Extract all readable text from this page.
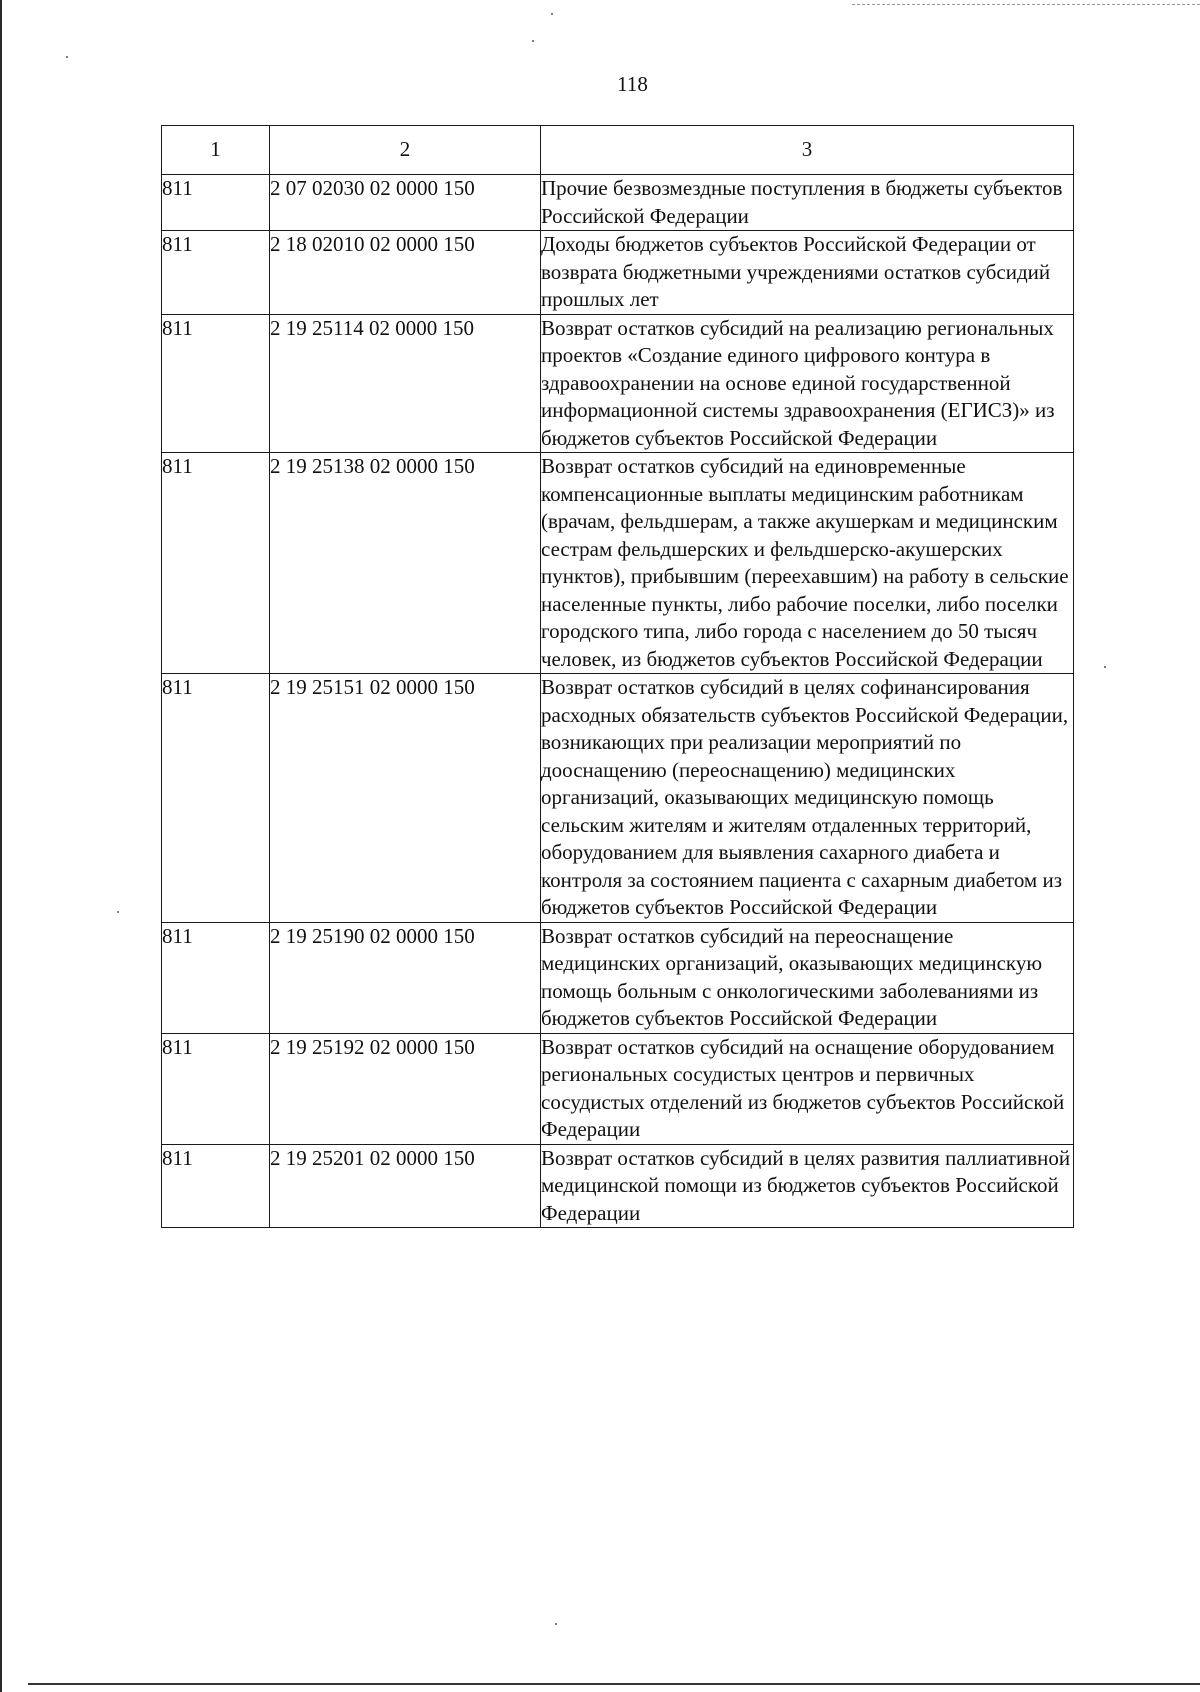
118
1	2	3
811	2 07 02030 02 0000 150	Прочие безвозмездные поступления в бюджеты субъектов Российской Федерации
811	2 18 02010 02 0000 150	Доходы бюджетов субъектов Российской Федерации от возврата бюджетными учреждениями остатков субсидий прошлых лет
811	2 19 25114 02 0000 150	Возврат остатков субсидий на реализацию региональных проектов «Создание единого цифрового контура в здравоохранении на основе единой государственной информационной системы здравоохранения (ЕГИСЗ)» из бюджетов субъектов Российской Федерации
811	2 19 25138 02 0000 150	Возврат остатков субсидий на единовременные компенсационные выплаты медицинским работникам (врачам, фельдшерам, а также акушеркам и медицинским сестрам фельдшерских и фельдшерско-акушерских пунктов), прибывшим (переехавшим) на работу в сельские населенные пункты, либо рабочие поселки, либо поселки городского типа, либо города с населением до 50 тысяч человек, из бюджетов субъектов Российской Федерации
811	2 19 25151 02 0000 150	Возврат остатков субсидий в целях софинансирования расходных обязательств субъектов Российской Федерации, возникающих при реализации мероприятий по дооснащению (переоснащению) медицинских организаций, оказывающих медицинскую помощь сельским жителям и жителям отдаленных территорий, оборудованием для выявления сахарного диабета и контроля за состоянием пациента с сахарным диабетом из бюджетов субъектов Российской Федерации
811	2 19 25190 02 0000 150	Возврат остатков субсидий на переоснащение медицинских организаций, оказывающих медицинскую помощь больным с онкологическими заболеваниями из бюджетов субъектов Российской Федерации
811	2 19 25192 02 0000 150	Возврат остатков субсидий на оснащение оборудованием региональных сосудистых центров и первичных сосудистых отделений из бюджетов субъектов Российской Федерации
811	2 19 25201 02 0000 150	Возврат остатков субсидий в целях развития паллиативной медицинской помощи из бюджетов субъектов Российской Федерации
